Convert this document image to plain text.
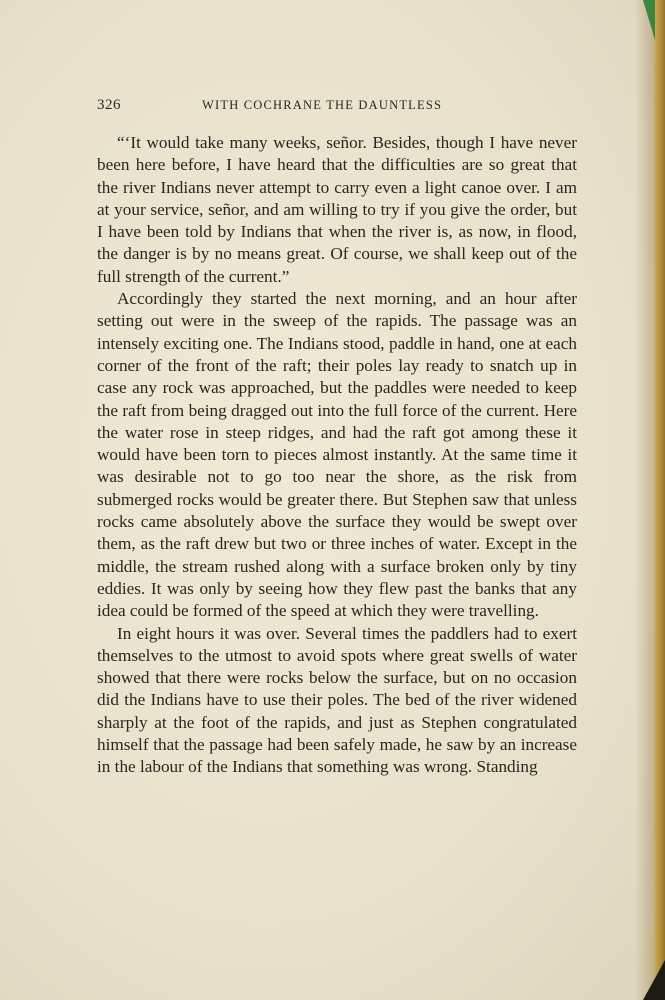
326	WITH COCHRANE THE DAUNTLESS

“‘It would take many weeks, señor. Besides, though I have never been here before, I have heard that the difficulties are so great that the river Indians never attempt to carry even a light canoe over. I am at your service, señor, and am willing to try if you give the order, but I have been told by Indians that when the river is, as now, in flood, the danger is by no means great. Of course, we shall keep out of the full strength of the current.”

Accordingly they started the next morning, and an hour after setting out were in the sweep of the rapids. The passage was an intensely exciting one. The Indians stood, paddle in hand, one at each corner of the front of the raft; their poles lay ready to snatch up in case any rock was approached, but the paddles were needed to keep the raft from being dragged out into the full force of the current. Here the water rose in steep ridges, and had the raft got among these it would have been torn to pieces almost instantly. At the same time it was desirable not to go too near the shore, as the risk from submerged rocks would be greater there. But Stephen saw that unless rocks came absolutely above the surface they would be swept over them, as the raft drew but two or three inches of water. Except in the middle, the stream rushed along with a surface broken only by tiny eddies. It was only by seeing how they flew past the banks that any idea could be formed of the speed at which they were travelling.

In eight hours it was over. Several times the paddlers had to exert themselves to the utmost to avoid spots where great swells of water showed that there were rocks below the surface, but on no occasion did the Indians have to use their poles. The bed of the river widened sharply at the foot of the rapids, and just as Stephen congratulated himself that the passage had been safely made, he saw by an increase in the labour of the Indians that something was wrong. Standing
